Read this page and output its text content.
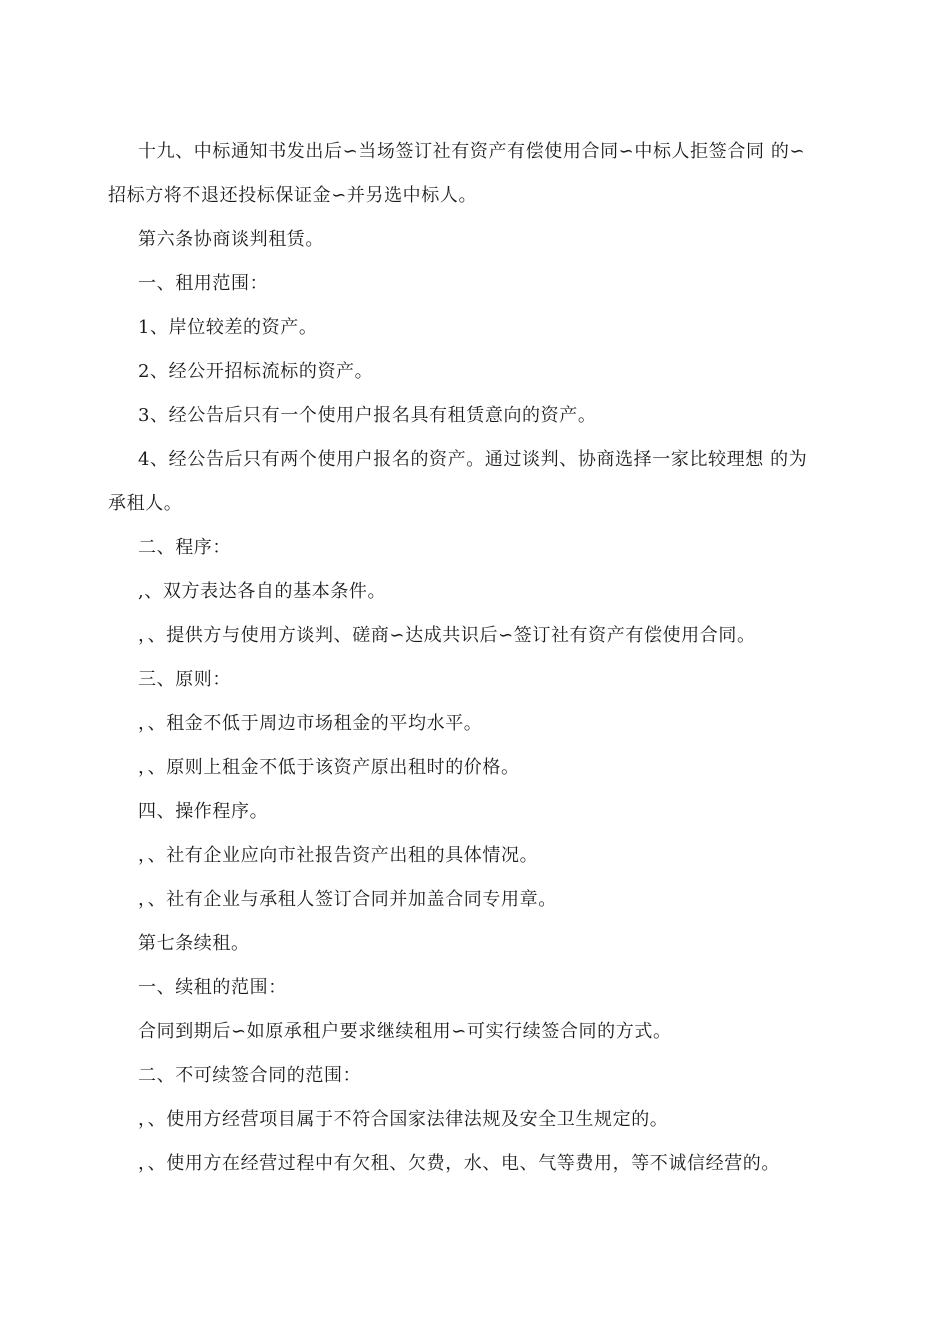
十九、中标通知书发出后∽当场签订社有资产有偿使用合同∽中标人拒签合同 的∽
招标方将不退还投标保证金∽并另选中标人。
第六条协商谈判租赁。
一、租用范围：
1、岸位较差的资产。
2、经公开招标流标的资产。
3、经公告后只有一个使用户报名具有租赁意向的资产。
4、经公告后只有两个使用户报名的资产。通过谈判、协商选择一家比较理想 的为
承租人。
二、程序：
,、双方表达各自的基本条件。
，、提供方与使用方谈判、磋商∽达成共识后∽签订社有资产有偿使用合同。
三、原则：
，、租金不低于周边市场租金的平均水平。
，、原则上租金不低于该资产原出租时的价格。
四、操作程序。
，、社有企业应向市社报告资产出租的具体情况。
，、社有企业与承租人签订合同并加盖合同专用章。
第七条续租。
一、续租的范围：
合同到期后∽如原承租户要求继续租用∽可实行续签合同的方式。
二、不可续签合同的范围：
，、使用方经营项目属于不符合国家法律法规及安全卫生规定的。
，、使用方在经营过程中有欠租、欠费，水、电、气等费用，等不诚信经营的。
